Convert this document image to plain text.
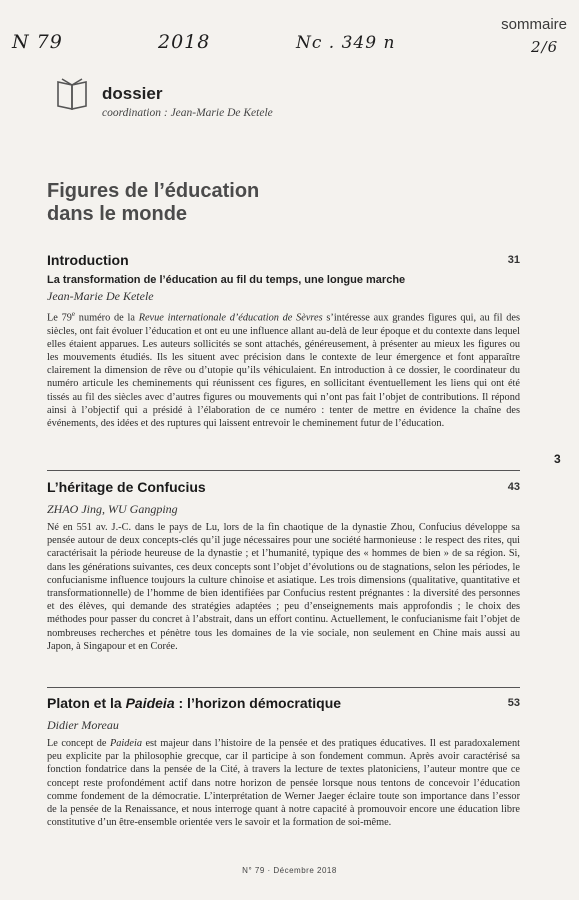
N 79	2018	Nc . 349 n	2/6
sommaire
dossier
coordination : Jean-Marie De Ketele
Figures de l’éducation
dans le monde
Introduction	31
La transformation de l’éducation au fil du temps, une longue marche
Jean-Marie De Ketele

Le 79e numéro de la Revue internationale d’éducation de Sèvres s’intéresse aux grandes figures qui, au fil des siècles, ont fait évoluer l’éducation et ont eu une influence allant au-delà de leur époque et du contexte dans lequel elles étaient apparues. Les auteurs sollicités se sont attachés, généreusement, à présenter au mieux les figures ou les mouvements étudiés. Ils les situent avec précision dans le contexte de leur émergence et font apparaître clairement la dimension de rêve ou d’utopie qu’ils véhiculaient. En introduction à ce dossier, le coordinateur du numéro articule les cheminements qui réunissent ces figures, en sollicitant éventuellement les liens qui ont été tissés au fil des siècles avec d’autres figures ou mouvements qui n’ont pas fait l’objet de contributions. Il répond ainsi à l’objectif qui a présidé à l’élaboration de ce numéro : tenter de mettre en évidence la chaîne des événements, des idées et des ruptures qui laissent entrevoir le cheminement futur de l’éducation.

L’héritage de Confucius	43
ZHAO Jing, WU Gangping

Né en 551 av. J.-C. dans le pays de Lu, lors de la fin chaotique de la dynastie Zhou, Confucius développe sa pensée autour de deux concepts-clés qu’il juge nécessaires pour une société harmonieuse : le respect des rites, qui caractérisait la période heureuse de la dynastie ; et l’humanité, typique des « hommes de bien » de sa région. Si, dans les générations suivantes, ces deux concepts sont l’objet d’évolutions ou de stagnations, selon les périodes, le confucianisme influence toujours la culture chinoise et asiatique. Les trois dimensions (qualitative, quantitative et transformationnelle) de l’homme de bien identifiées par Confucius restent prégnantes : la diversité des personnes et des élèves, qui demande des stratégies adaptées ; peu d’enseignements mais approfondis ; le choix des méthodes pour passer du concret à l’abstrait, dans un effort continu. Actuellement, le confucianisme fait l’objet de nombreuses recherches et pénètre tous les domaines de la vie sociale, non seulement en Chine mais aussi au Japon, à Singapour et en Corée.

Platon et la Paideia : l’horizon démocratique	53
Didier Moreau

Le concept de Paideia est majeur dans l’histoire de la pensée et des pratiques éducatives. Il est paradoxalement peu explicite par la philosophie grecque, car il participe à son fondement commun. Après avoir caractérisé sa fonction fondatrice dans la pensée de la Cité, à travers la lecture de textes platoniciens, l’auteur montre que ce concept reste profondément actif dans notre horizon de pensée lorsque nous tentons de concevoir l’éducation comme fondement de la démocratie. L’interprétation de Werner Jaeger éclaire toute son importance dans l’essor de la pensée de la Renaissance, et nous interroge quant à notre capacité à promouvoir encore une éducation libre constitutive d’un être-ensemble orientée vers le savoir et la formation de soi-même.

3
N° 79 · Décembre 2018
